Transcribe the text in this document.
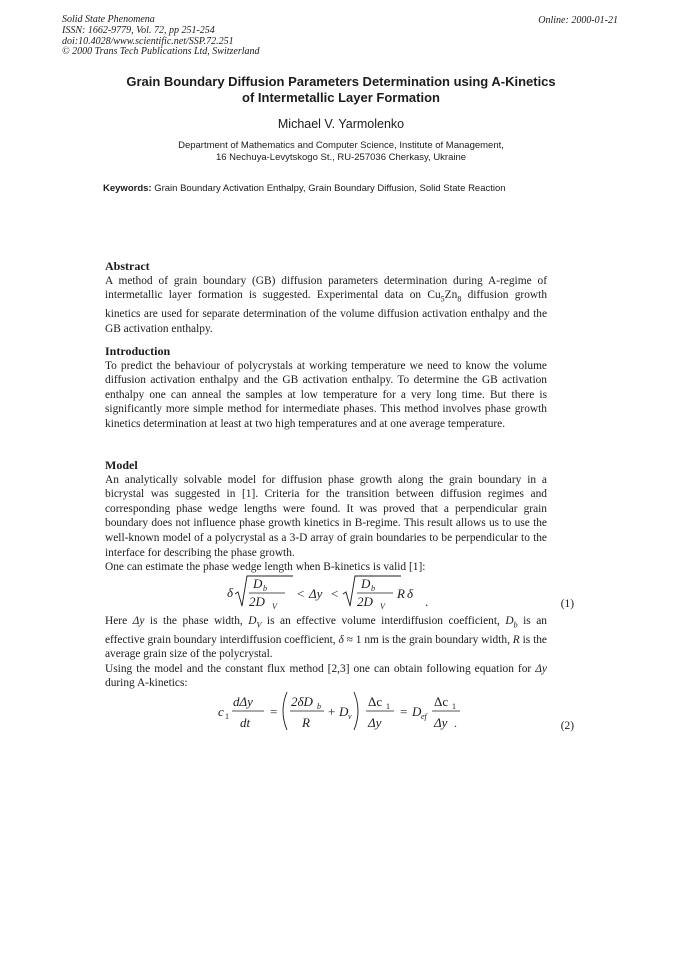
Solid State Phenomena
ISSN: 1662-9779, Vol. 72, pp 251-254
doi:10.4028/www.scientific.net/SSP.72.251
© 2000 Trans Tech Publications Ltd, Switzerland
Online: 2000-01-21
Grain Boundary Diffusion Parameters Determination using A-Kinetics
of Intermetallic Layer Formation
Michael V. Yarmolenko
Department of Mathematics and Computer Science, Institute of Management,
16 Nechuya-Levytskogo St., RU-257036 Cherkasy, Ukraine
Keywords: Grain Boundary Activation Enthalpy, Grain Boundary Diffusion, Solid State Reaction
Abstract

A method of grain boundary (GB) diffusion parameters determination during A-regime of intermetallic layer formation is suggested. Experimental data on $Cu_5Zn_8$ diffusion growth kinetics are used for separate determination of the volume diffusion activation enthalpy and the GB activation enthalpy.

Introduction

To predict the behaviour of polycrystals at working temperature we need to know the volume diffusion activation enthalpy and the GB activation enthalpy. To determine the GB activation enthalpy one can anneal the samples at low temperature for a very long time. But there is significantly more simple method for intermediate phases. This method involves phase growth kinetics determination at least at two high temperatures and at one average temperature.

Model

An analytically solvable model for diffusion phase growth along the grain boundary in a bicrystal was suggested in [1]. Criteria for the transition between diffusion regimes and corresponding phase wedge lengths were found. It was proved that a perpendicular grain boundary does not influence phase growth kinetics in B-regime. This result allows us to use the well-known model of a polycrystal as a 3-D array of grain boundaries to be perpendicular to the interface for describing the phase growth.

One can estimate the phase wedge length when B-kinetics is valid [1]:

δ
D b
2D V
< Δy <
D b
2D V
R δ
.	(1)

Here Δy is the phase width, $D_V$ is an effective volume interdiffusion coefficient, $D_b$ is an effective grain boundary interdiffusion coefficient, δ ≈ 1 nm is the grain boundary width, R is the average grain size of the polycrystal.

Using the model and the constant flux method [2,3] one can obtain following equation for Δy during A-kinetics:

c 1
dΔy
dt
=
2δD b
R
+ D v
Δc 1
Δy
= D ef
Δc 1
Δy .	(2)
